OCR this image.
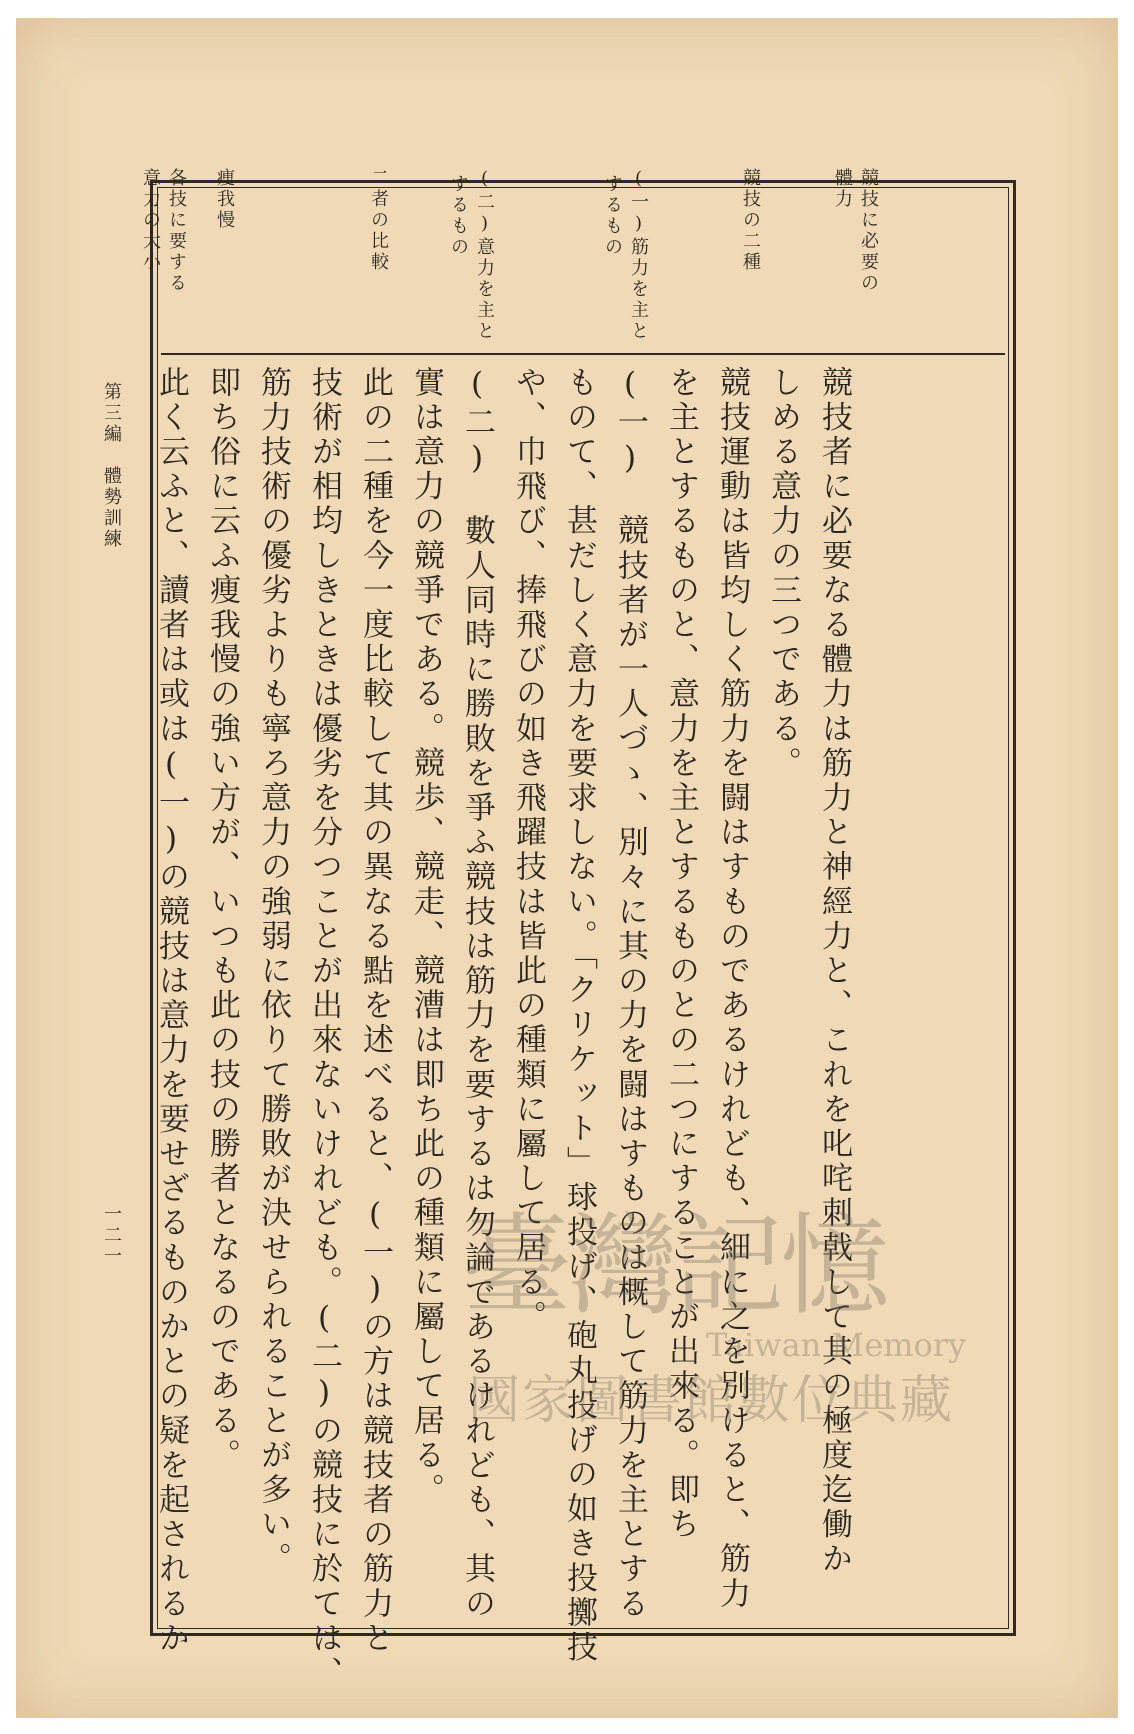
競技に必要の
體力
競技の二種
(一)筋力を主と
するもの
(二)意力を主と
するもの
二者の比較
痩我慢
各技に要する
意力の大小
競技者に必要なる體力は筋力と神經力と、これを叱咤刺戟して其の極度迄働か
しめる意力の三つである。
競技運動は皆均しく筋力を闘はすものであるけれども、細に之を別けると、筋力
を主とするものと、意力を主とするものとの二つにすることが出來る。即ち
(一)　競技者が一人づゝ、別々に其の力を闘はすものは概して筋力を主とする
ものて、甚だしく意力を要求しない。「クリケット」球投げ、砲丸投げの如き投擲技
や、巾飛び、捧飛びの如き飛躍技は皆此の種類に屬して居る。
(二)　數人同時に勝敗を爭ふ競技は筋力を要するは勿論であるけれども、其の
實は意力の競爭である。競歩、競走、競漕は即ち此の種類に屬して居る。
此の二種を今一度比較して其の異なる點を述べると、(一)の方は競技者の筋力と
技術が相均しきときは優劣を分つことが出來ないけれども。(二)の競技に於ては、
筋力技術の優劣よりも寧ろ意力の強弱に依りて勝敗が決せられることが多い。
即ち俗に云ふ痩我慢の強い方が、いつも此の技の勝者となるのである。
此く云ふと、讀者は或は(一)の競技は意力を要せざるものかとの疑を起されるか
第三編　體勢訓練
一二一	臺灣記憶
Taiwan Memory
國家圖書館數位典藏
